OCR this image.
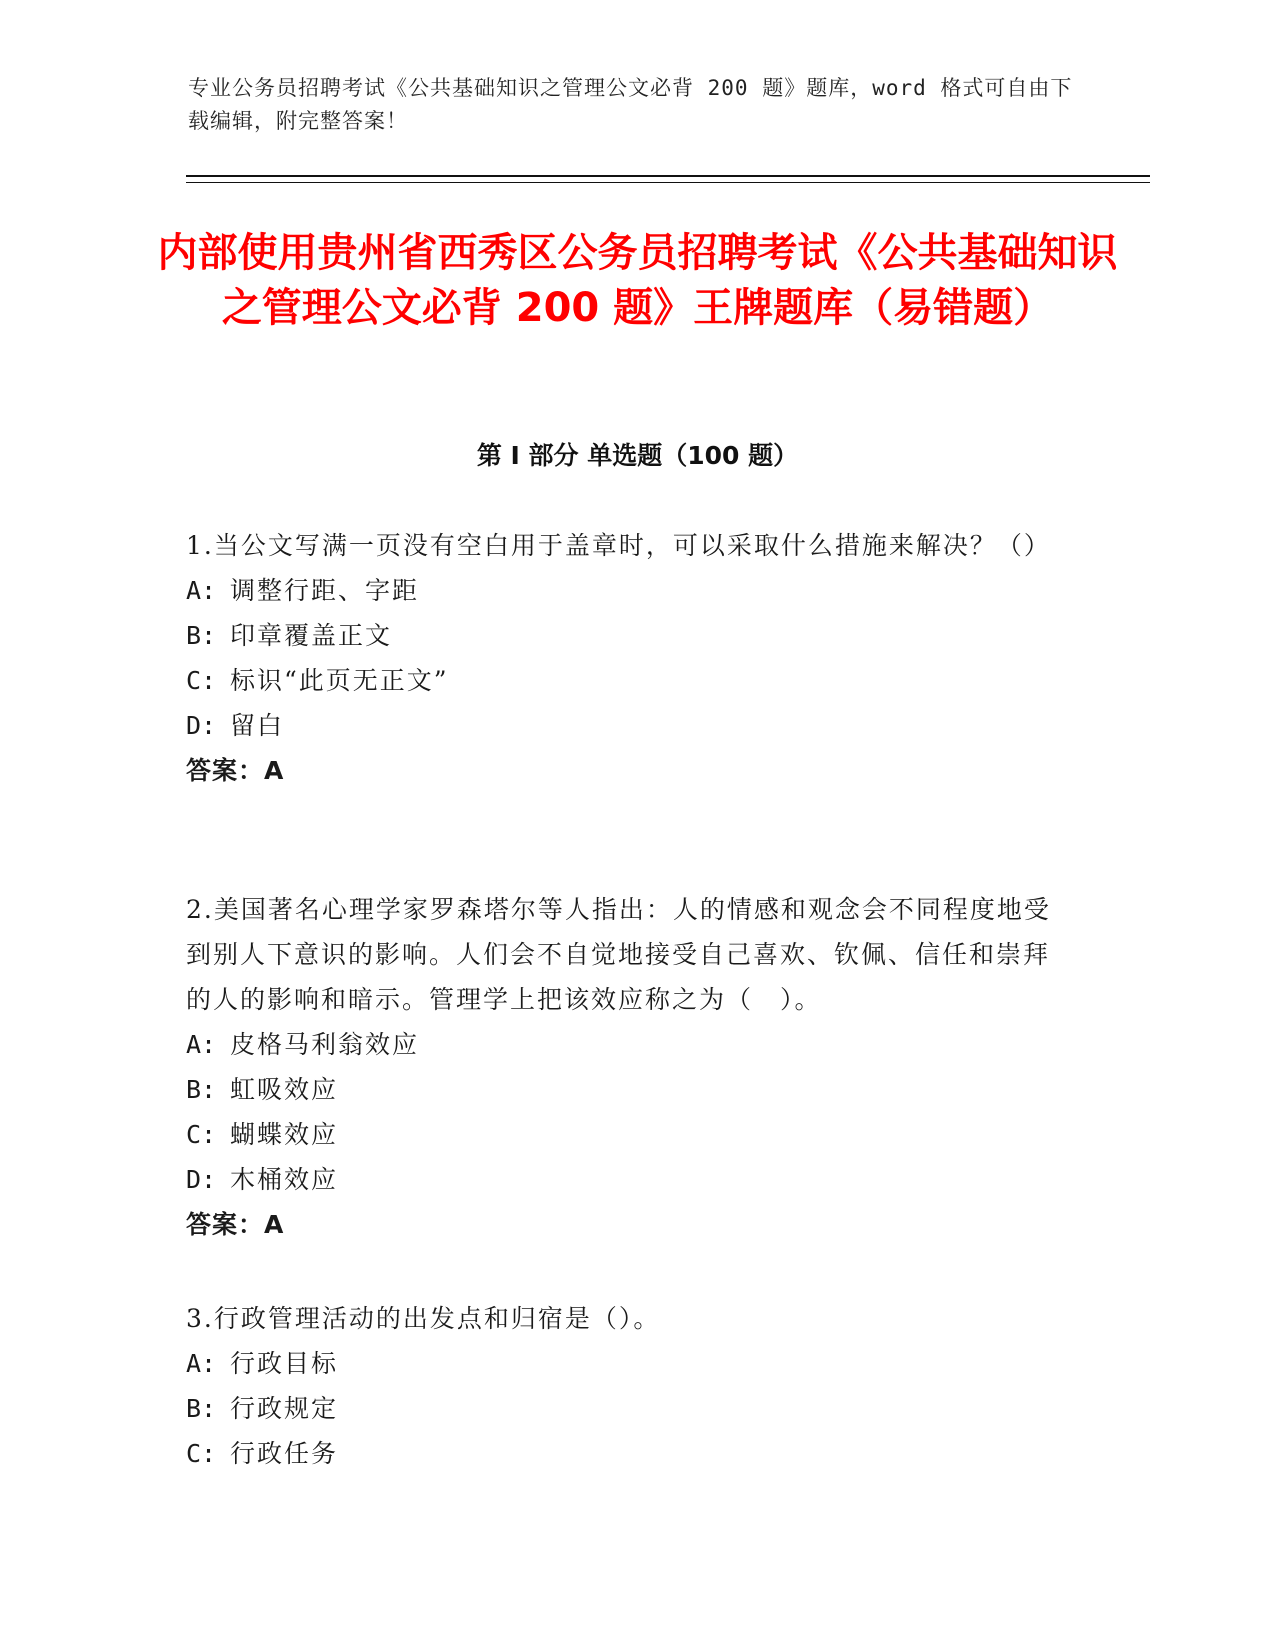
专业公务员招聘考试《公共基础知识之管理公文必背 200 题》题库，word 格式可自由下载编辑，附完整答案！
内部使用贵州省西秀区公务员招聘考试《公共基础知识之管理公文必背 200 题》王牌题库（易错题）
第 I 部分 单选题（100 题）
1.当公文写满一页没有空白用于盖章时，可以采取什么措施来解决？（）
A: 调整行距、字距
B: 印章覆盖正文
C: 标识“此页无正文”
D: 留白
答案：A
2.美国著名心理学家罗森塔尔等人指出：人的情感和观念会不同程度地受到别人下意识的影响。人们会不自觉地接受自己喜欢、钦佩、信任和崇拜的人的影响和暗示。管理学上把该效应称之为（　）。
A: 皮格马利翁效应
B: 虹吸效应
C: 蝴蝶效应
D: 木桶效应
答案：A
3.行政管理活动的出发点和归宿是（）。
A: 行政目标
B: 行政规定
C: 行政任务
